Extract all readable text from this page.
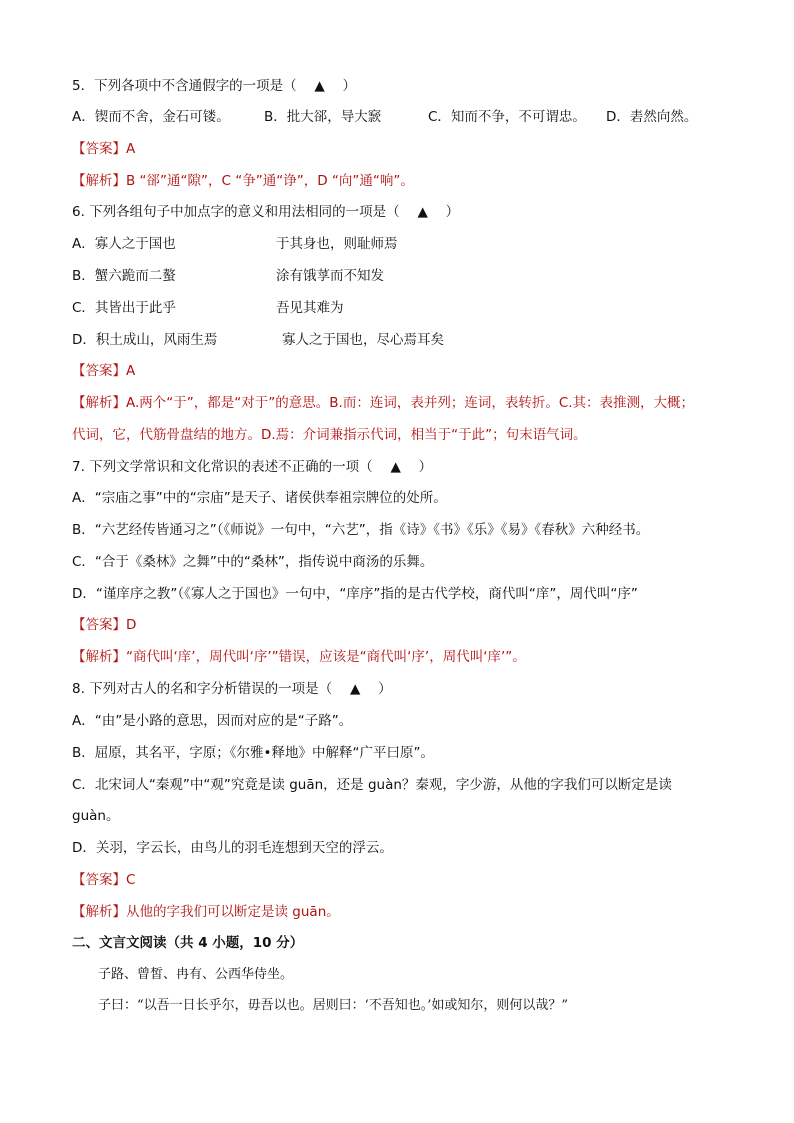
5．下列各项中不含通假字的一项是（　 ▲　 ）
A．锲而不舍，金石可镂。	B．批大郤，导大窾	C．知而不争，不可谓忠。 D．砉然向然。
【答案】A
【解析】B “郤”通“隙”，C “争”通“诤”，D “向”通“响”。
6. 下列各组句子中加点字的意义和用法相同的一项是（　 ▲　 ）
A．寡人之于国也	于其身也，则耻师焉
B．蟹六跪而二螯	涂有饿莩而不知发
C．其皆出于此乎	吾见其难为
D．积土成山，风雨生焉	寡人之于国也，尽心焉耳矣
【答案】A
【解析】A.两个“于”，都是“对于”的意思。B.而：连词，表并列；连词，表转折。C.其：表推测，大概；
代词，它，代筋骨盘结的地方。D.焉：介词兼指示代词，相当于“于此”；句末语气词。
7. 下列文学常识和文化常识的表述不正确的一项（　 ▲　 ）
A．“宗庙之事”中的“宗庙”是天子、诸侯供奉祖宗牌位的处所。
B．“六艺经传皆通习之”（《师说》一句中，“六艺”，指《诗》《书》《乐》《易》《春秋》六种经书。
C．“合于《桑林》之舞”中的“桑林”，指传说中商汤的乐舞。
D．“谨庠序之教”（《寡人之于国也》一句中，“庠序”指的是古代学校，商代叫“庠”，周代叫“序”
【答案】D
【解析】“商代叫‘庠’，周代叫‘序’”错误，应该是“商代叫‘序’，周代叫‘庠’”。
8. 下列对古人的名和字分析错误的一项是（　 ▲　 ）
A．“由”是小路的意思，因而对应的是“子路”。
B．屈原，其名平，字原；《尔雅•释地》中解释“广平曰原”。
C．北宋词人“秦观”中“观”究竟是读 guān，还是 guàn？秦观，字少游，从他的字我们可以断定是读
guàn。
D．关羽，字云长，由鸟儿的羽毛连想到天空的浮云。
【答案】C
【解析】从他的字我们可以断定是读 guān。
二、文言文阅读（共 4 小题，10 分）
子路、曾皙、冉有、公西华侍坐。
子曰：“以吾一日长乎尔，毋吾以也。居则曰：‘不吾知也。’如或知尔，则何以哉？”
